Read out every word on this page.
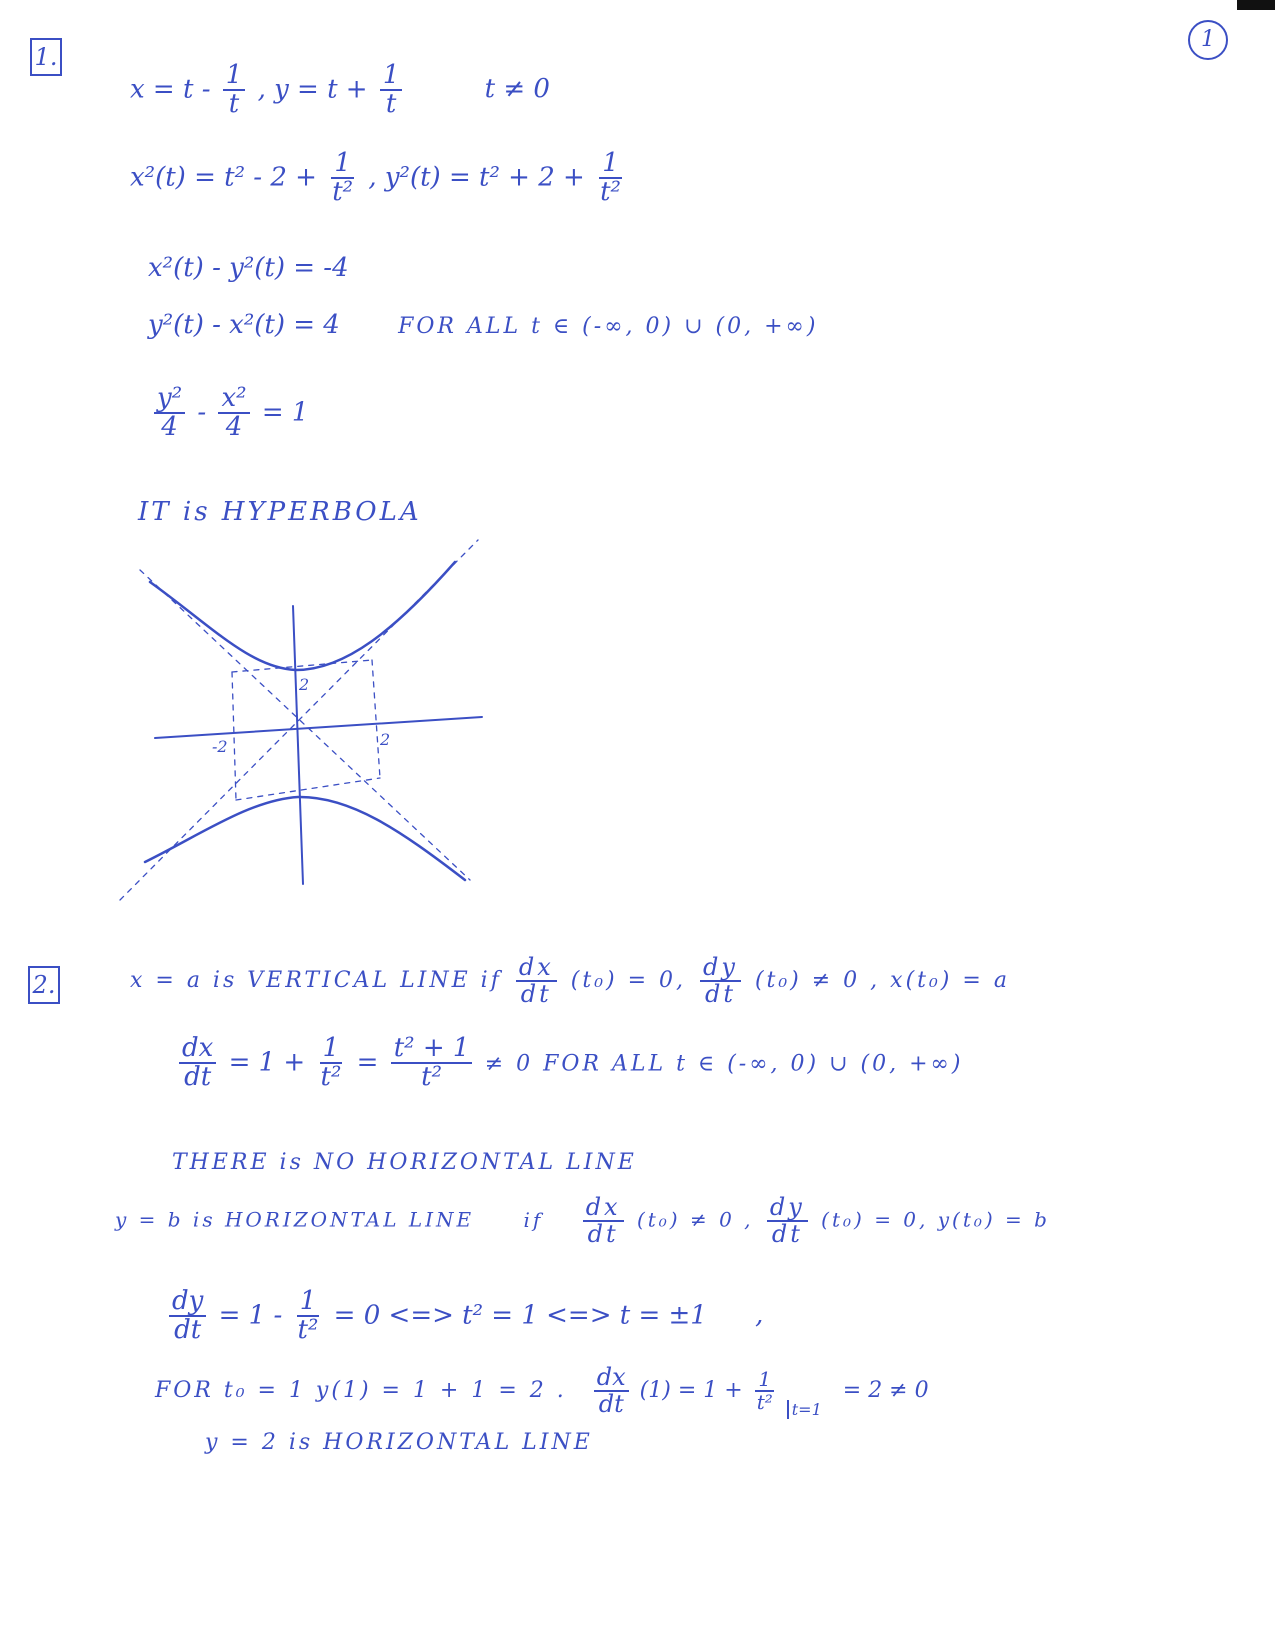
1
1.
$x = t - \frac{1}{t}$ , $y = t + \frac{1}{t}$	t ≠ 0
$x^2(t) = t^2 - 2 + \frac{1}{\text{t²}}$ , $y^2(t) = t^2 + 2 + \frac{1}{\text{t²}}$
x²(t) - y²(t) = -4
y²(t) - x²(t) = 4	FOR ALL t ∈ (-∞, 0) ∪ (0, +∞)
$\frac{\text{y²}}{4} - \frac{\text{x²}}{4} = 1$
IT is HYPERBOLA
2
-2	2
2.	x = a is VERTICAL LINE if $\frac{dx}{dt} (t_0) = 0$, $\frac{dy}{dt} (t_0) \ne 0$ , x(t₀) = a
$\frac{dx}{dt} = 1 + \frac{1}{\text{t²}} = \frac{\text{t² + 1}}{\text{t²}} \ne 0$ FOR ALL t ∈ (-∞, 0) ∪ (0, +∞)
THERE is NO HORIZONTAL LINE
y = b is HORIZONTAL LINE if $\frac{dx}{dt} (t_0) \ne 0$ , $\frac{dy}{dt} (t_0) = 0$, y(t₀) = b
$\frac{dy}{dt} = 1 - \frac{1}{\text{t²}} = 0$ <=> t² = 1 <=> t = ±1 ,
FOR t₀ = 1 y(1) = 1 + 1 = 2 . $\frac{dx}{dt} (1) = 1 + \frac{1}{\text{t²}} _{t=1} = 2 \ne 0$
y = 2 is HORIZONTAL LINE
